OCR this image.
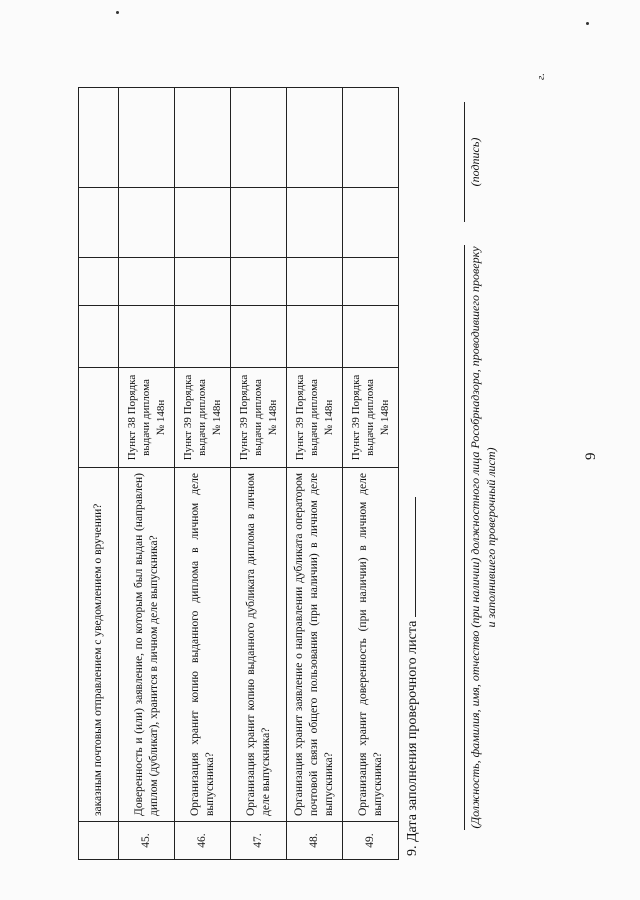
9
	заказным почтовым отправлением с уведомлением о вручении?					
45.	Доверенность и (или) заявление, по которым был выдан (направлен) диплом (дубликат), хранится в личном деле выпускника?	Пункт 38 Порядка выдачи диплома № 148н				
46.	Организация хранит копию выданного диплома в личном деле выпускника?	Пункт 39 Порядка выдачи диплома № 148н				
47.	Организация хранит копию выданного дубликата диплома в личном деле выпускника?	Пункт 39 Порядка выдачи диплома № 148н				
48.	Организация хранит заявление о направлении дубликата оператором почтовой связи общего пользования (при наличии) в личном деле выпускника?	Пункт 39 Порядка выдачи диплома № 148н				
49.	Организация хранит доверенность (при наличии) в личном деле выпускника?	Пункт 39 Порядка выдачи диплома № 148н				
9. Дата заполнения проверочного листа	(Должность, фамилия, имя, отчество (при наличии) должностного лица Рособрнадзора, проводившего проверку и заполнившего проверочный лист)
(подпись)
г.
